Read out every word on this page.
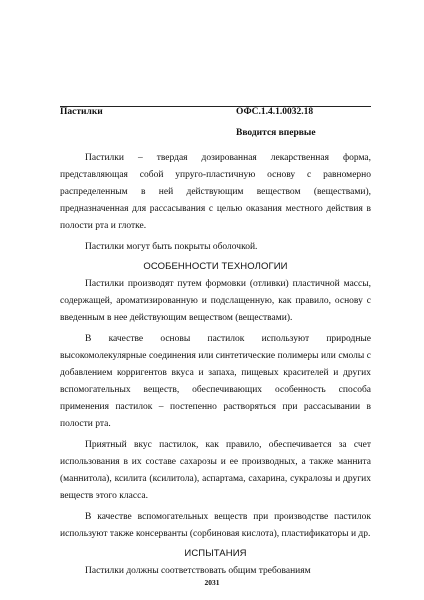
Пастилки	ОФС.1.4.1.0032.18
Вводится впервые

Пастилки – твердая дозированная лекарственная форма, представляющая собой упруго-пластичную основу с равномерно распределенным в ней действующим веществом (веществами), предназначенная для рассасывания с целью оказания местного действия в полости рта и глотке.

Пастилки могут быть покрыты оболочкой.

ОСОБЕННОСТИ ТЕХНОЛОГИИ

Пастилки производят путем формовки (отливки) пластичной массы, содержащей, ароматизированную и подслащенную, как правило, основу с введенным в нее действующим веществом (веществами).

В качестве основы пастилок используют природные высокомолекулярные соединения или синтетические полимеры или смолы с добавлением корригентов вкуса и запаха, пищевых красителей и других вспомогательных веществ, обеспечивающих особенность способа применения пастилок – постепенно растворяться при рассасывании в полости рта.

Приятный вкус пастилок, как правило, обеспечивается за счет использования в их составе сахарозы и ее производных, а также маннита (маннитола), ксилита (ксилитола), аспартама, сахарина, сукралозы и других веществ этого класса.

В качестве вспомогательных веществ при производстве пастилок используют также консерванты (сорбиновая кислота), пластификаторы и др.

ИСПЫТАНИЯ

Пастилки должны соответствовать общим требованиям

2031
